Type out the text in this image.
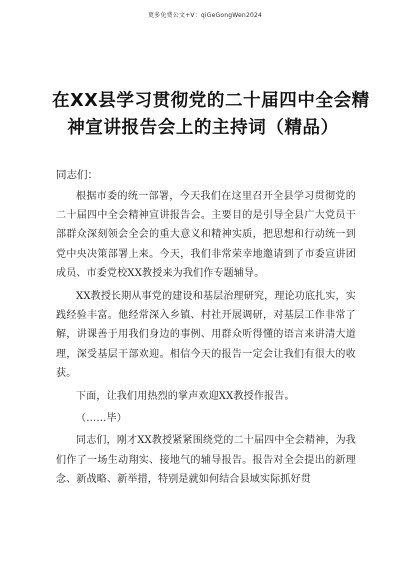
更多免费公文+V：qiGeGongWen2024
在XX县学习贯彻党的二十届四中全会精
神宣讲报告会上的主持词（精品）
同志们：

根据市委的统一部署，今天我们在这里召开全县学习贯彻党的二十届四中全会精神宣讲报告会。主要目的是引导全县广大党员干部群众深刻领会全会的重大意义和精神实质，把思想和行动统一到党中央决策部署上来。今天，我们非常荣幸地邀请到了市委宣讲团成员、市委党校XX教授来为我们作专题辅导。

XX教授长期从事党的建设和基层治理研究，理论功底扎实，实践经验丰富。他经常深入乡镇、村社开展调研，对基层工作非常了解，讲课善于用我们身边的事例、用群众听得懂的语言来讲清大道理，深受基层干部欢迎。相信今天的报告一定会让我们有很大的收获。

下面，让我们用热烈的掌声欢迎XX教授作报告。

（……毕）

同志们，刚才XX教授紧紧围绕党的二十届四中全会精神，为我们作了一场生动翔实、接地气的辅导报告。报告对全会提出的新理念、新战略、新举措，特别是就如何结合县域实际抓好贯
